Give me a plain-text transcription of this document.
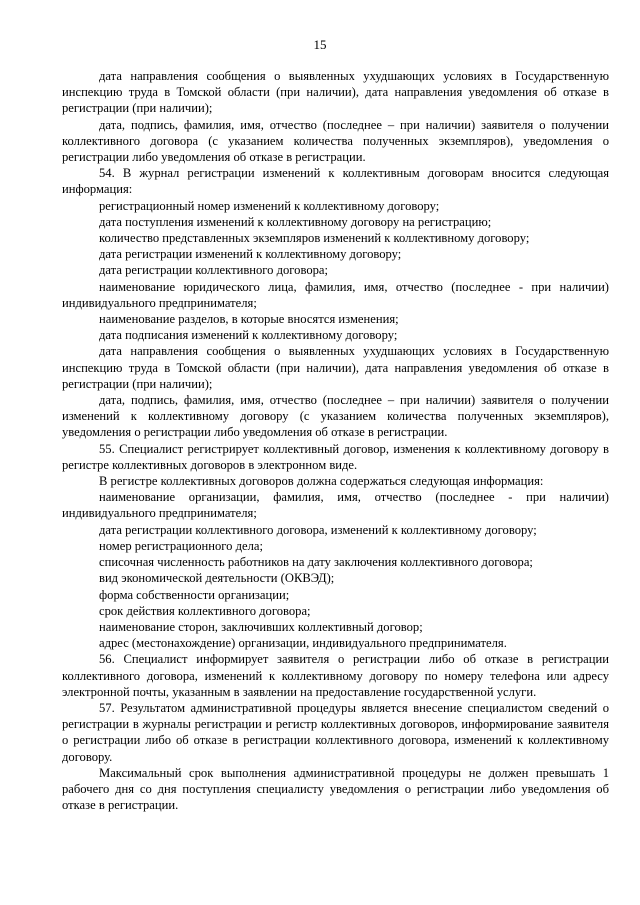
15

дата направления сообщения о выявленных ухудшающих условиях в Государственную инспекцию труда в Томской области (при наличии), дата направления уведомления об отказе в регистрации (при наличии);

дата, подпись, фамилия, имя, отчество (последнее – при наличии) заявителя о получении коллективного договора (с указанием количества полученных экземпляров), уведомления о регистрации либо уведомления об отказе в регистрации.

54. В журнал регистрации изменений к коллективным договорам вносится следующая информация:

регистрационный номер изменений к коллективному договору;

дата поступления изменений к коллективному договору на регистрацию;

количество представленных экземпляров изменений к коллективному договору;

дата регистрации изменений к коллективному договору;

дата регистрации коллективного договора;

наименование юридического лица, фамилия, имя, отчество (последнее - при наличии) индивидуального предпринимателя;

наименование разделов, в которые вносятся изменения;

дата подписания изменений к коллективному договору;

дата направления сообщения о выявленных ухудшающих условиях в Государственную инспекцию труда в Томской области (при наличии), дата направления уведомления об отказе в регистрации (при наличии);

дата, подпись, фамилия, имя, отчество (последнее – при наличии) заявителя о получении изменений к коллективному договору (с указанием количества полученных экземпляров), уведомления о регистрации либо уведомления об отказе в регистрации.

55. Специалист регистрирует коллективный договор, изменения к коллективному договору в регистре коллективных договоров в электронном виде.

В регистре коллективных договоров должна содержаться следующая информация:

наименование организации, фамилия, имя, отчество (последнее - при наличии) индивидуального предпринимателя;

дата регистрации коллективного договора, изменений к коллективному договору;

номер регистрационного дела;

списочная численность работников на дату заключения коллективного договора;

вид экономической деятельности (ОКВЭД);

форма собственности организации;

срок действия коллективного договора;

наименование сторон, заключивших коллективный договор;

адрес (местонахождение) организации, индивидуального предпринимателя.

56. Специалист информирует заявителя о регистрации либо об отказе в регистрации коллективного договора, изменений к коллективному договору по номеру телефона или адресу электронной почты, указанным в заявлении на предоставление государственной услуги.

57. Результатом административной процедуры является внесение специалистом сведений о регистрации в журналы регистрации и регистр коллективных договоров, информирование заявителя о регистрации либо об отказе в регистрации коллективного договора, изменений к коллективному договору.

Максимальный срок выполнения административной процедуры не должен превышать 1 рабочего дня со дня поступления специалисту уведомления о регистрации либо уведомления об отказе в регистрации.
